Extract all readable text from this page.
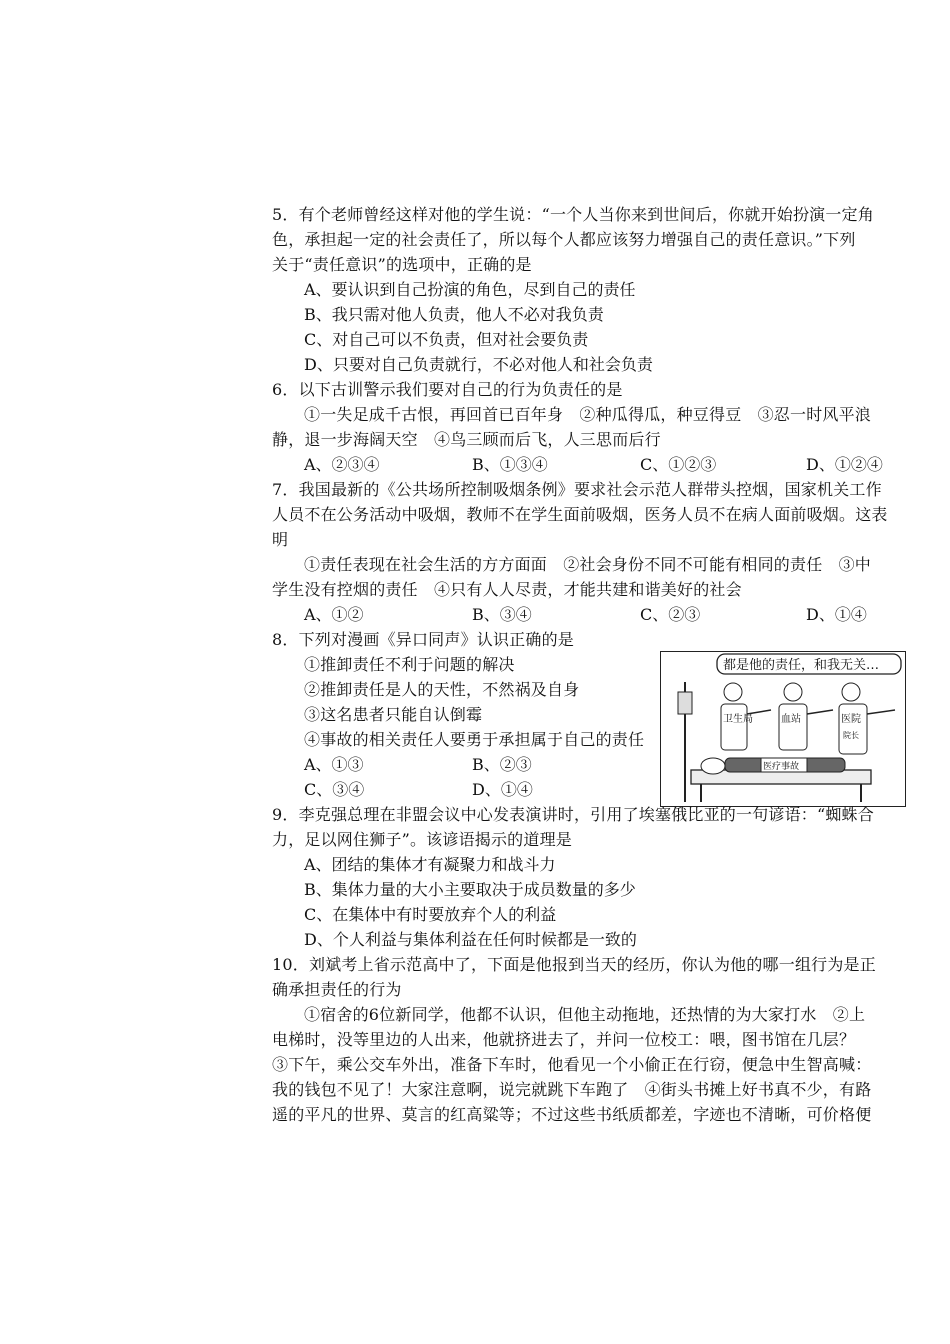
5．有个老师曾经这样对他的学生说：“一个人当你来到世间后，你就开始扮演一定角
色，承担起一定的社会责任了，所以每个人都应该努力增强自己的责任意识。”下列
关于“责任意识”的选项中，正确的是
A、要认识到自己扮演的角色，尽到自己的责任
B、我只需对他人负责，他人不必对我负责
C、对自己可以不负责，但对社会要负责
D、只要对自己负责就行，不必对他人和社会负责
6．以下古训警示我们要对自己的行为负责任的是
①一失足成千古恨，再回首已百年身　②种瓜得瓜，种豆得豆　③忍一时风平浪
静，退一步海阔天空　④鸟三顾而后飞，人三思而后行
A、②③④	B、①③④	C、①②③	D、①②④
7．我国最新的《公共场所控制吸烟条例》要求社会示范人群带头控烟，国家机关工作
人员不在公务活动中吸烟，教师不在学生面前吸烟，医务人员不在病人面前吸烟。这表
明
①责任表现在社会生活的方方面面　②社会身份不同不可能有相同的责任　③中
学生没有控烟的责任　④只有人人尽责，才能共建和谐美好的社会
A、①②	B、③④	C、②③	D、①④
8．下列对漫画《异口同声》认识正确的是
①推卸责任不利于问题的解决
②推卸责任是人的天性，不然祸及自身
③这名患者只能自认倒霉
④事故的相关责任人要勇于承担属于自己的责任
A、①③	B、②③
C、③④	D、①④
都是他的责任，和我无关…
医疗事故
卫生局	血站	医院
院长
9．李克强总理在非盟会议中心发表演讲时，引用了埃塞俄比亚的一句谚语：“蜘蛛合
力，足以网住狮子”。该谚语揭示的道理是
A、团结的集体才有凝聚力和战斗力
B、集体力量的大小主要取决于成员数量的多少
C、在集体中有时要放弃个人的利益
D、个人利益与集体利益在任何时候都是一致的
10．刘斌考上省示范高中了，下面是他报到当天的经历，你认为他的哪一组行为是正
确承担责任的行为
①宿舍的6位新同学，他都不认识，但他主动拖地，还热情的为大家打水　②上
电梯时，没等里边的人出来，他就挤进去了，并问一位校工：喂，图书馆在几层？
③下午，乘公交车外出，准备下车时，他看见一个小偷正在行窃，便急中生智高喊：
我的钱包不见了！大家注意啊，说完就跳下车跑了　④街头书摊上好书真不少，有路
遥的平凡的世界、莫言的红高粱等；不过这些书纸质都差，字迹也不清晰，可价格便
